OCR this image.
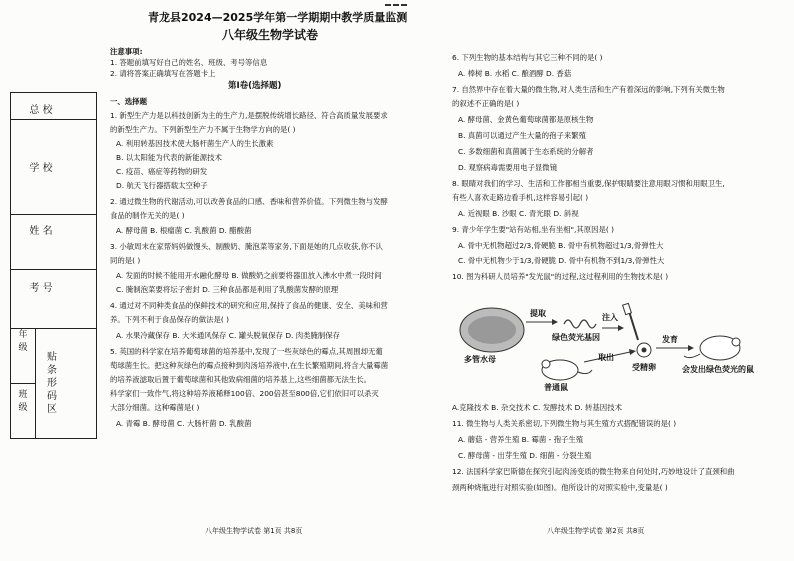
总 校
学 校
姓 名
考 号
年
级
班
级
贴
条
形
码
区
青龙县2024—2025学年第一学期期中教学质量监测
八年级生物学试卷
注意事项:
1. 答题前填写好自己的姓名、班级、考号等信息
2. 请将答案正确填写在答题卡上
第Ⅰ卷(选择题)
一、选择题
1. 新型生产力是以科技创新为主的生产力,是摆脱传统增长路径、符合高质量发展要求
的新型生产力。下列新型生产力不属于生物学方向的是( )
A. 利用转基因技术使大肠杆菌生产人的生长激素
B. 以太阳能为代表的新能源技术
C. 疫苗、癌症等药物的研发
D. 航天飞行器搭载太空种子
2. 通过微生物的代谢活动,可以改善食品的口感、香味和营养价值。下列微生物与发酵
食品的制作无关的是( )
A. 酵母菌 B. 根瘤菌 C. 乳酸菌 D. 醋酸菌
3. 小敏周末在家帮妈妈做馒头、制酸奶、腌泡菜等家务,下面是她的几点收获,你不认
同的是( )
A. 发面的时候不能用开水融化酵母 B. 做酸奶之前要将器皿放入沸水中煮一段时间
C. 腌制泡菜要将坛子密封 D. 三种食品都是利用了乳酸菌发酵的原理
4. 通过对不同种类食品的保鲜技术的研究和应用,保持了食品的健康、安全、美味和营
养。下列不利于食品保存的做法是( )
A. 水果冷藏保存 B. 大米通风保存 C. 罐头脱氧保存 D. 肉类腌制保存
5. 英国的科学家在培养葡萄球菌的培养基中,发现了一些灰绿色的霉点,其周围却无葡
萄球菌生长。把这种灰绿色的霉点接种到肉汤培养液中,在生长繁殖期间,将含大量霉菌
的培养液滤取后置于葡萄球菌和其他致病细菌的培养基上,这些细菌都无法生长。
科学家们一致作气,将这种培养液稀释100倍、200倍甚至800倍,它们依旧可以杀灭
大部分细菌。这种霉菌是( )
A. 青霉 B. 酵母菌 C. 大肠杆菌 D. 乳酸菌
八年级生物学试卷 第1页 共8页
6. 下列生物的基本结构与其它三种不同的是( )
A. 棒树 B. 水稻 C. 酿酒酵 D. 香菇
7. 自然界中存在着大量的微生物,对人类生活和生产有着深远的影响,下列有关微生物
的叙述不正确的是( )
A. 酵母菌、金黄色葡萄球菌都是原核生物
B. 真菌可以通过产生大量的孢子来繁殖
C. 多数细菌和真菌属于生态系统的分解者
D. 观察病毒需要用电子显微镜
8. 眼睛对我们的学习、生活和工作都相当重要,保护眼睛要注意用眼习惯和用眼卫生,
有些人喜欢走路边看手机,这样容易引起( )
A. 近视眼 B. 沙眼 C. 青光眼 D. 斜视
9. 青少年学生要"站有站相,坐有坐相",其原因是( )
A. 骨中无机物超过2/3,骨硬脆 B. 骨中有机物超过1/3,骨弹性大
C. 骨中无机物少于1/3,骨硬脆 D. 骨中有机物不到1/3,骨弹性大
10. 图为科研人员培养"发光鼠"的过程,这过程利用的生物技术是( )
提取
绿色荧光基因
注入
多管水母	取出
受精卵
发育
会发出绿色荧光的鼠
普通鼠
A.克隆技术 B. 杂交技术 C. 发酵技术 D. 转基因技术
11. 微生物与人类关系密切,下列微生物与其生殖方式搭配错误的是( )
A. 蘑菇 - 营养生殖 B. 霉菌 - 孢子生殖
C. 酵母菌 - 出芽生殖 D. 细菌 - 分裂生殖
12. 法国科学家巴斯德在探究引起肉汤变质的微生物来自何处时,巧妙地设计了直颈和曲
颈两种烧瓶进行对照实验(如图)。他所设计的对照实验中,变量是( )
八年级生物学试卷 第2页 共8页
